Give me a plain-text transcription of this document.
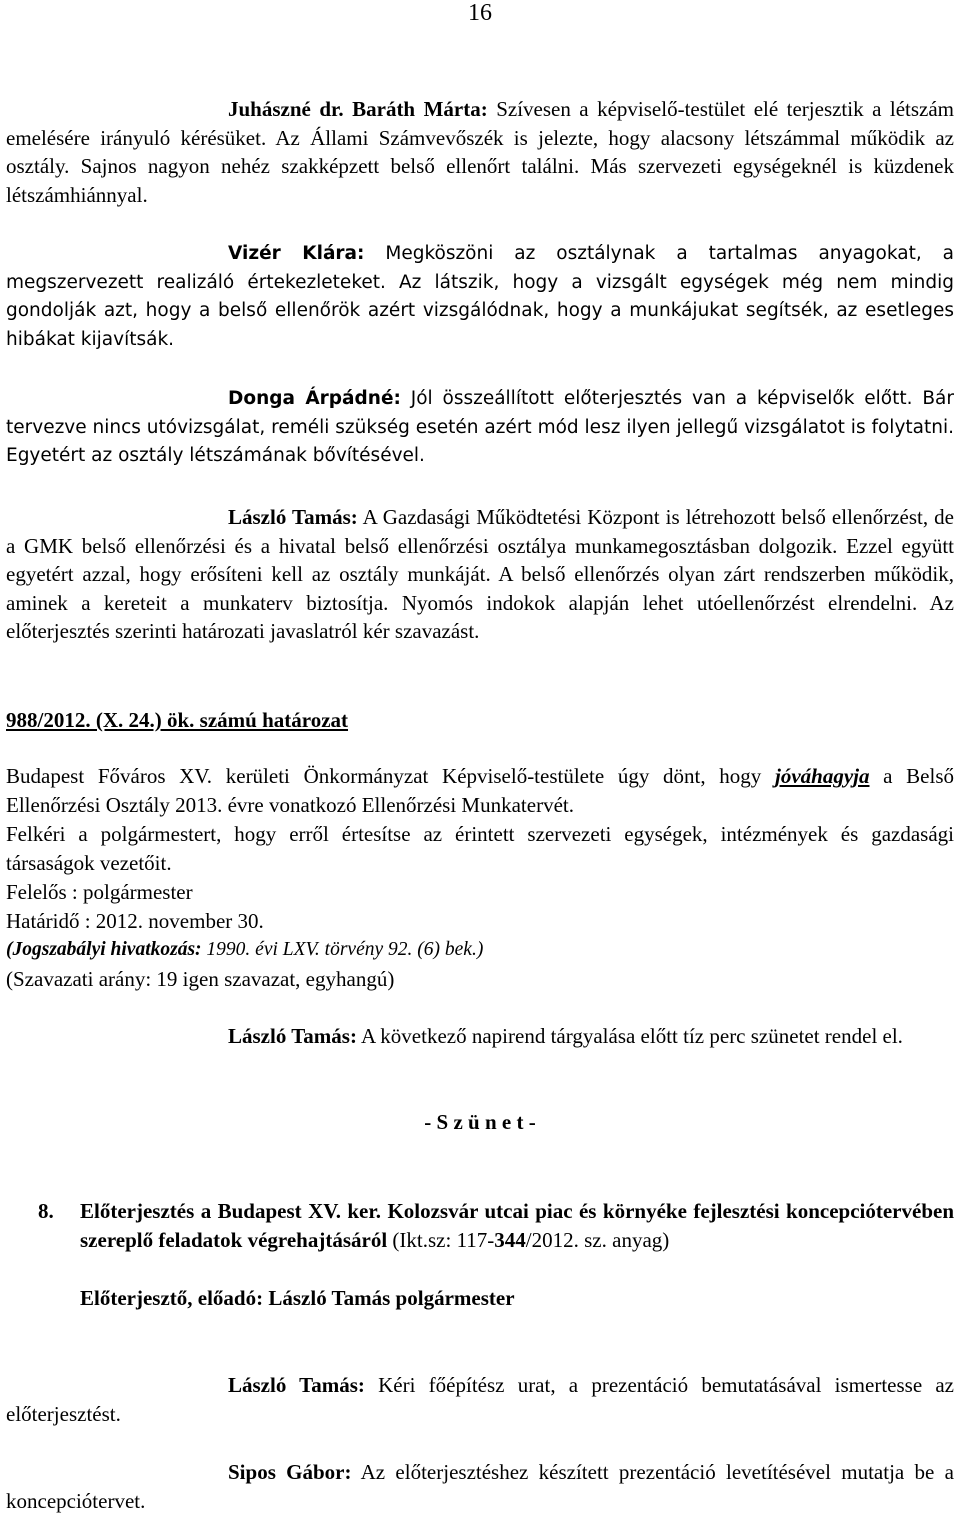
16

Juhászné dr. Baráth Márta: Szívesen a képviselő-testület elé terjesztik a létszám emelésére irányuló kérésüket. Az Állami Számvevőszék is jelezte, hogy alacsony létszámmal működik az osztály. Sajnos nagyon nehéz szakképzett belső ellenőrt találni. Más szervezeti egységeknél is küzdenek létszámhiánnyal.

Vizér Klára: Megköszöni az osztálynak a tartalmas anyagokat, a megszervezett realizáló értekezleteket. Az látszik, hogy a vizsgált egységek még nem mindig gondolják azt, hogy a belső ellenőrök azért vizsgálódnak, hogy a munkájukat segítsék, az esetleges hibákat kijavítsák.

Donga Árpádné: Jól összeállított előterjesztés van a képviselők előtt. Bár tervezve nincs utóvizsgálat, reméli szükség esetén azért mód lesz ilyen jellegű vizsgálatot is folytatni. Egyetért az osztály létszámának bővítésével.

László Tamás: A Gazdasági Működtetési Központ is létrehozott belső ellenőrzést, de a GMK belső ellenőrzési és a hivatal belső ellenőrzési osztálya munkamegosztásban dolgozik. Ezzel együtt egyetért azzal, hogy erősíteni kell az osztály munkáját. A belső ellenőrzés olyan zárt rendszerben működik, aminek a kereteit a munkaterv biztosítja. Nyomós indokok alapján lehet utóellenőrzést elrendelni. Az előterjesztés szerinti határozati javaslatról kér szavazást.

988/2012. (X. 24.) ök. számú határozat

Budapest Főváros XV. kerületi Önkormányzat Képviselő-testülete úgy dönt, hogy jóváhagyja a Belső Ellenőrzési Osztály 2013. évre vonatkozó Ellenőrzési Munkatervét.

Felkéri a polgármestert, hogy erről értesítse az érintett szervezeti egységek, intézmények és gazdasági társaságok vezetőit.

Felelős : polgármester

Határidő : 2012. november 30.

(Jogszabályi hivatkozás: 1990. évi LXV. törvény 92. (6) bek.)

(Szavazati arány: 19 igen szavazat, egyhangú)

László Tamás: A következő napirend tárgyalása előtt tíz perc szünetet rendel el.

- S z ü n e t -

8.	Előterjesztés a Budapest XV. ker. Kolozsvár utcai piac és környéke fejlesztési koncepciótervében szereplő feladatok végrehajtásáról (Ikt.sz: 117-344/2012. sz. anyag)

Előterjesztő, előadó: László Tamás polgármester

László Tamás: Kéri főépítész urat, a prezentáció bemutatásával ismertesse az előterjesztést.

Sipos Gábor: Az előterjesztéshez készített prezentáció levetítésével mutatja be a koncepciótervet.
